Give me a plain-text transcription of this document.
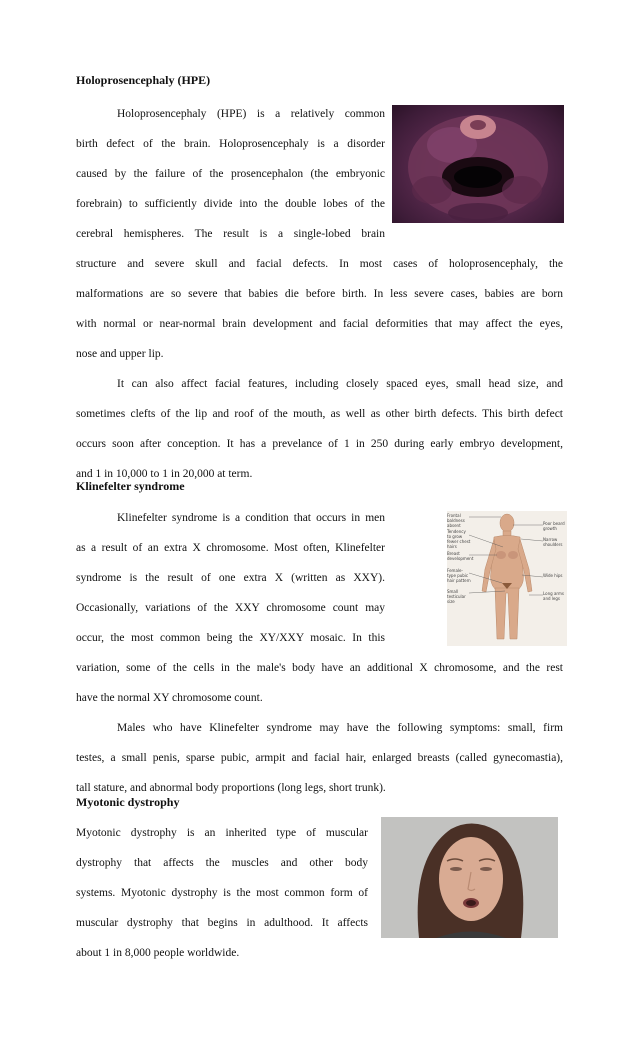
Holoprosencephaly (HPE)
Holoprosencephaly (HPE) is a relatively common
birth defect of the brain. Holoprosencephaly is a disorder
caused by the failure of the prosencephalon (the embryonic
forebrain) to sufficiently divide into the double lobes of the
cerebral hemispheres. The result is a single-lobed brain
structure and severe skull and facial defects. In most cases of holoprosencephaly, the
malformations are so severe that babies die before birth. In less severe cases, babies are born
with normal or near-normal brain development and facial deformities that may affect the eyes,
nose and upper lip.
It can also affect facial features, including closely spaced eyes, small head size, and
sometimes clefts of the lip and roof of the mouth, as well as other birth defects. This birth defect
occurs soon after conception. It has a prevelance of 1 in 250 during early embryo development,
and 1 in 10,000 to 1 in 20,000 at term.
Klinefelter syndrome
Klinefelter syndrome is a condition that occurs in men
as a result of an extra X chromosome. Most often, Klinefelter
syndrome is the result of one extra X (written as XXY).
Occasionally, variations of the XXY chromosome count may
occur, the most common being the XY/XXY mosaic. In this
variation, some of the cells in the male's body have an additional X chromosome, and the rest
have the normal XY chromosome count.
Males who have Klinefelter syndrome may have the following symptoms: small, firm
testes, a small penis, sparse pubic, armpit and facial hair, enlarged breasts (called gynecomastia),
tall stature, and abnormal body proportions (long legs, short trunk).
Frontal baldness absent
Tendency to grow fewer chest hairs
Breast development
Female-type pubic hair pattern
Small testicular size
Poor beard growth
Narrow shoulders
Wide hips
Long arms and legs
Myotonic dystrophy
Myotonic dystrophy is an inherited type of muscular
dystrophy that affects the muscles and other body
systems. Myotonic dystrophy is the most common form of
muscular dystrophy that begins in adulthood. It affects
about 1 in 8,000 people worldwide.
